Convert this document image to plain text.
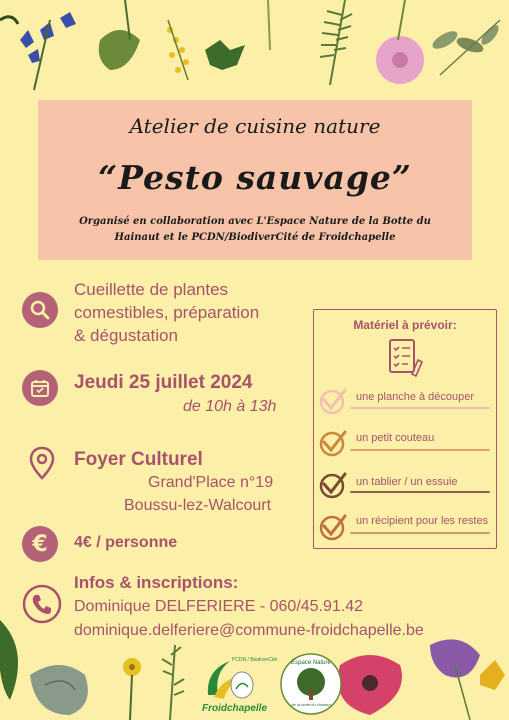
Atelier de cuisine nature
“Pesto sauvage”
Organisé en collaboration avec L'Espace Nature de la Botte du
Hainaut et le PCDN/BiodiverCité de Froidchapelle
Cueillette de plantes
comestibles, préparation
& dégustation
Jeudi 25 juillet 2024
de 10h à 13h
Foyer Culturel
Grand'Place n°19
Boussu-lez-Walcourt
€ 4€ / personne
Infos & inscriptions:
Dominique DELFERIERE - 060/45.91.42
dominique.delferiere@commune-froidchapelle.be
Matériel à prévoir:
une planche à découper
un petit couteau
un tablier / un essuie
un récipient pour les restes
PCDN / BiodiverCité
Froidchapelle
Espace Nature
de la botte du Hainaut
